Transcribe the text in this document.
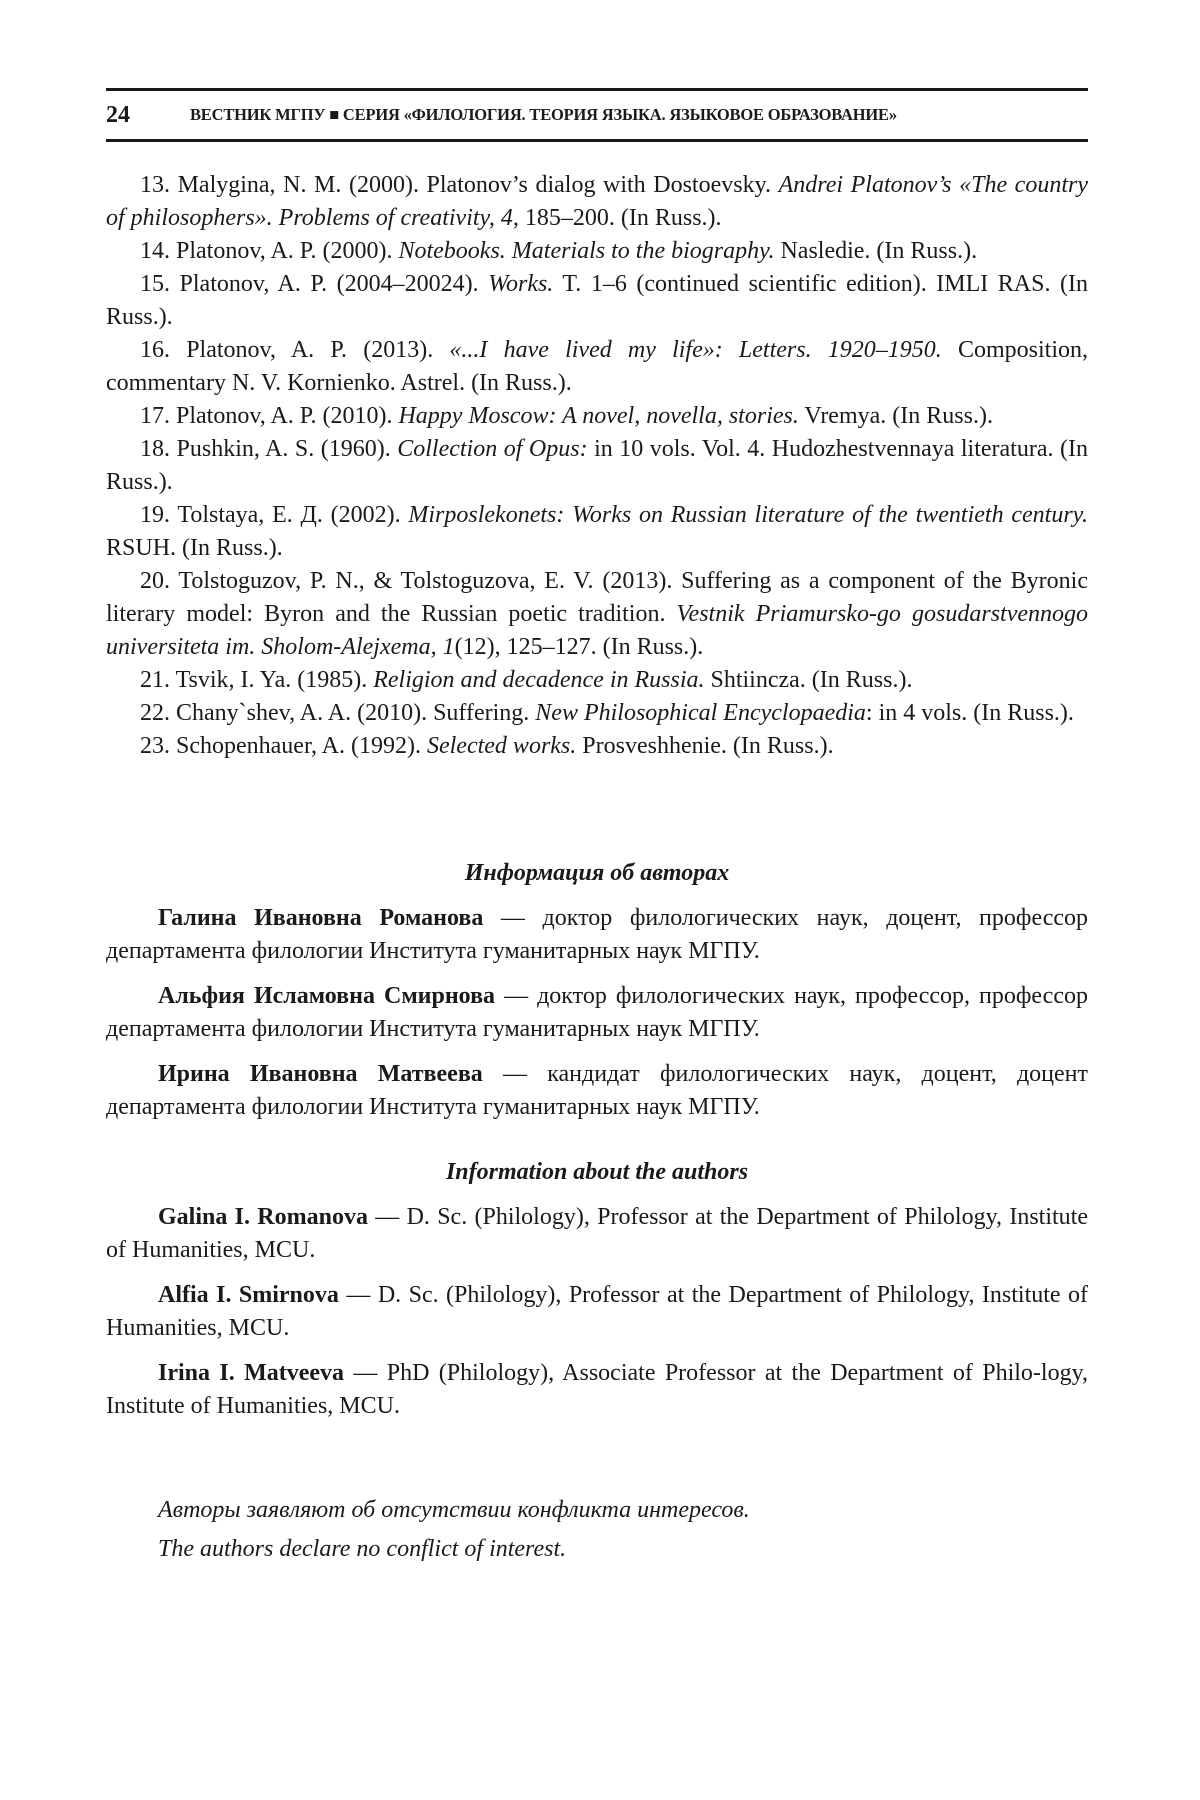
24	ВЕСТНИК МГПУ ■ СЕРИЯ «ФИЛОЛОГИЯ. ТЕОРИЯ ЯЗЫКА. ЯЗЫКОВОЕ ОБРАЗОВАНИЕ»

13. Malygina, N. M. (2000). Platonov’s dialog with Dostoevsky. Andrei Platonov’s «The country of philosophers». Problems of creativity, 4, 185–200. (In Russ.).

14. Platonov, A. P. (2000). Notebooks. Materials to the biography. Nasledie. (In Russ.).

15. Platonov, A. P. (2004–20024). Works. T. 1–6 (continued scientific edition). IMLI RAS. (In Russ.).

16. Platonov, A. P. (2013). «...I have lived my life»: Letters. 1920–1950. Composition, commentary N. V. Kornienko. Astrel. (In Russ.).

17. Platonov, A. P. (2010). Happy Moscow: A novel, novella, stories. Vremya. (In Russ.).

18. Pushkin, A. S. (1960). Collection of Opus: in 10 vols. Vol. 4. Hudozhestvennaya literatura. (In Russ.).

19. Tolstaya, E. Д. (2002). Mirposlekonets: Works on Russian literature of the twentieth century. RSUH. (In Russ.).

20. Tolstoguzov, P. N., & Tolstoguzova, E. V. (2013). Suffering as a component of the Byronic literary model: Byron and the Russian poetic tradition. Vestnik Priamursko-go gosudarstvennogo universiteta im. Sholom-Alejxema, 1(12), 125–127. (In Russ.).

21. Tsvik, I. Ya. (1985). Religion and decadence in Russia. Shtiincza. (In Russ.).

22. Chany`shev, A. A. (2010). Suffering. New Philosophical Encyclopaedia: in 4 vols. (In Russ.).

23. Schopenhauer, A. (1992). Selected works. Prosveshhenie. (In Russ.).

Информация об авторах

Галина Ивановна Романова — доктор филологических наук, доцент, профессор департамента филологии Института гуманитарных наук МГПУ.

Альфия Исламовна Смирнова — доктор филологических наук, профессор, профессор департамента филологии Института гуманитарных наук МГПУ.

Ирина Ивановна Матвеева — кандидат филологических наук, доцент, доцент департамента филологии Института гуманитарных наук МГПУ.

Information about the authors

Galina I. Romanova — D. Sc. (Philology), Professor at the Department of Philology, Institute of Humanities, MCU.

Alfia I. Smirnova — D. Sc. (Philology), Professor at the Department of Philology, Institute of Humanities, MCU.

Irina I. Matveeva — PhD (Philology), Associate Professor at the Department of Philo-logy, Institute of Humanities, MCU.

Авторы заявляют об отсутствии конфликта интересов.
The authors declare no conflict of interest.
